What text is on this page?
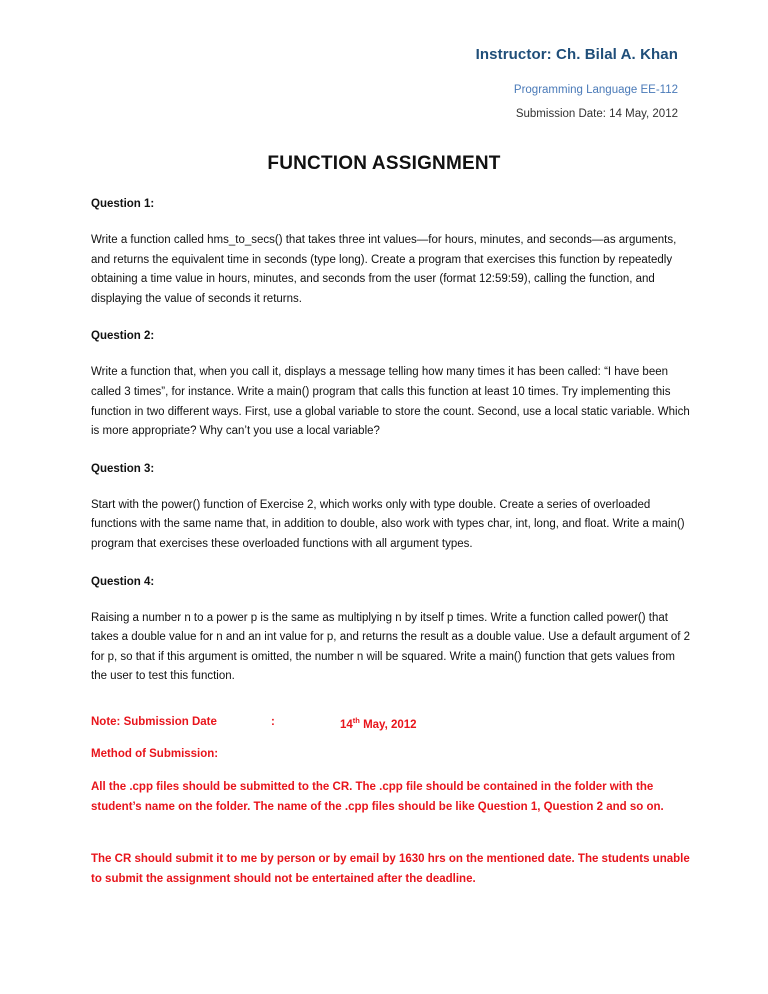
Instructor: Ch. Bilal A. Khan
Programming Language EE-112
Submission Date: 14 May, 2012
FUNCTION ASSIGNMENT

Question 1:

Write a function called hms_to_secs() that takes three int values—for hours, minutes, and seconds—as arguments, and returns the equivalent time in seconds (type long). Create a program that exercises this function by repeatedly obtaining a time value in hours, minutes, and seconds from the user (format 12:59:59), calling the function, and displaying the value of seconds it returns.

Question 2:

Write a function that, when you call it, displays a message telling how many times it has been called: “I have been called 3 times”, for instance. Write a main() program that calls this function at least 10 times. Try implementing this function in two different ways. First, use a global variable to store the count. Second, use a local static variable. Which is more appropriate? Why can’t you use a local variable?

Question 3:

Start with the power() function of Exercise 2, which works only with type double. Create a series of overloaded functions with the same name that, in addition to double, also work with types char, int, long, and float. Write a main() program that exercises these overloaded functions with all argument types.

Question 4:

Raising a number n to a power p is the same as multiplying n by itself p times. Write a function called power() that takes a double value for n and an int value for p, and returns the result as a double value. Use a default argument of 2 for p, so that if this argument is omitted, the number n will be squared. Write a main() function that gets values from the user to test this function.

Note: Submission Date	:	14th May, 2012
Method of Submission:
All the .cpp files should be submitted to the CR. The .cpp file should be contained in the folder with the student’s name on the folder. The name of the .cpp files should be like Question 1, Question 2 and so on.
The CR should submit it to me by person or by email by 1630 hrs on the mentioned date. The students unable to submit the assignment should not be entertained after the deadline.
